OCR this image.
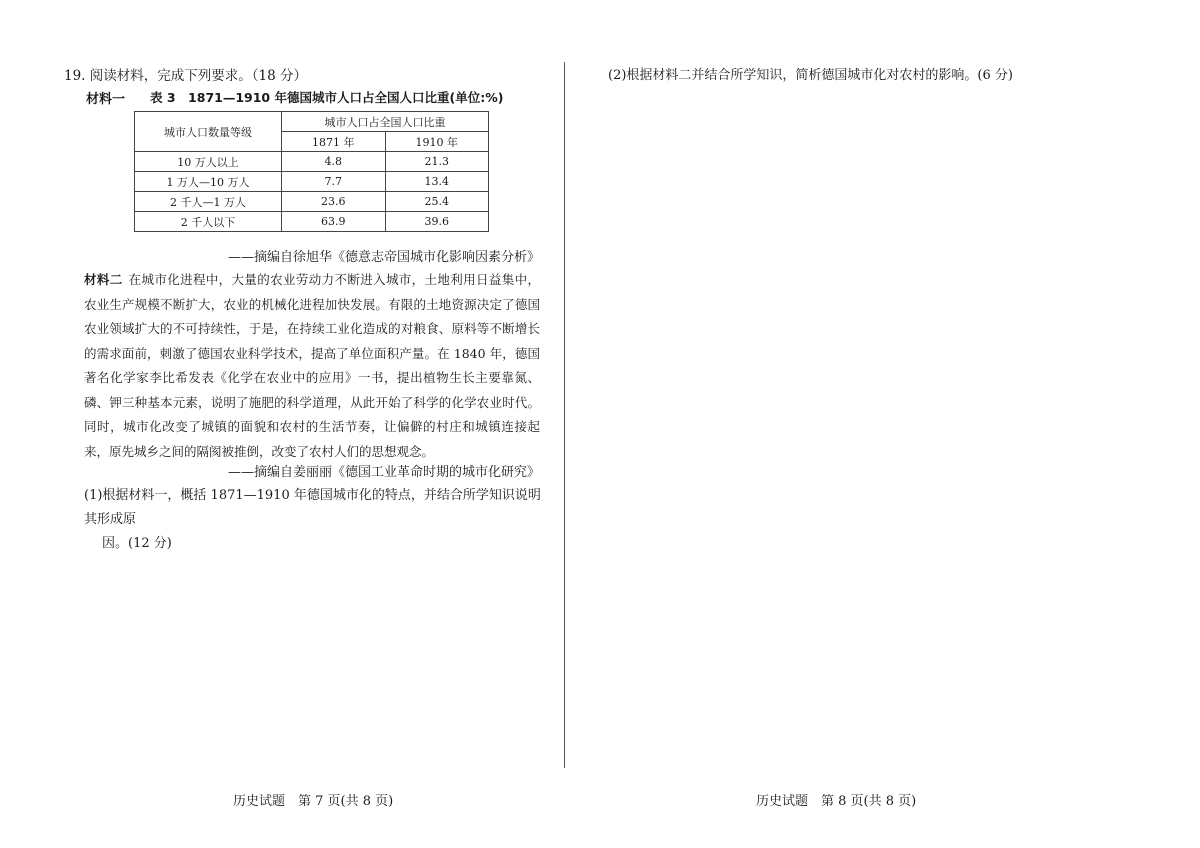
19. 阅读材料，完成下列要求。（18 分）
材料一 表 3　1871—1910 年德国城市人口占全国人口比重(单位:%)
城市人口数量等级	城市人口占全国人口比重	
	1871 年	1910 年
10 万人以上	4.8	21.3
1 万人—10 万人	7.7	13.4
2 千人—1 万人	23.6	25.4
2 千人以下	63.9	39.6
——摘编自徐旭华《德意志帝国城市化影响因素分析》
材料二 在城市化进程中，大量的农业劳动力不断进入城市，土地利用日益集中，农业生产规模不断扩大，农业的机械化进程加快发展。有限的土地资源决定了德国农业领域扩大的不可持续性，于是，在持续工业化造成的对粮食、原料等不断增长的需求面前，刺激了德国农业科学技术，提高了单位面积产量。在 1840 年，德国著名化学家李比希发表《化学在农业中的应用》一书，提出植物生长主要靠氮、磷、钾三种基本元素，说明了施肥的科学道理，从此开始了科学的化学农业时代。同时，城市化改变了城镇的面貌和农村的生活节奏，让偏僻的村庄和城镇连接起来，原先城乡之间的隔阂被推倒，改变了农村人们的思想观念。
——摘编自姜丽丽《德国工业革命时期的城市化研究》
(1)根据材料一，概括 1871—1910 年德国城市化的特点，并结合所学知识说明其形成原
因。(12 分)
(2)根据材料二并结合所学知识，简析德国城市化对农村的影响。(6 分)
历史试题　第 7 页(共 8 页)	历史试题　第 8 页(共 8 页)
